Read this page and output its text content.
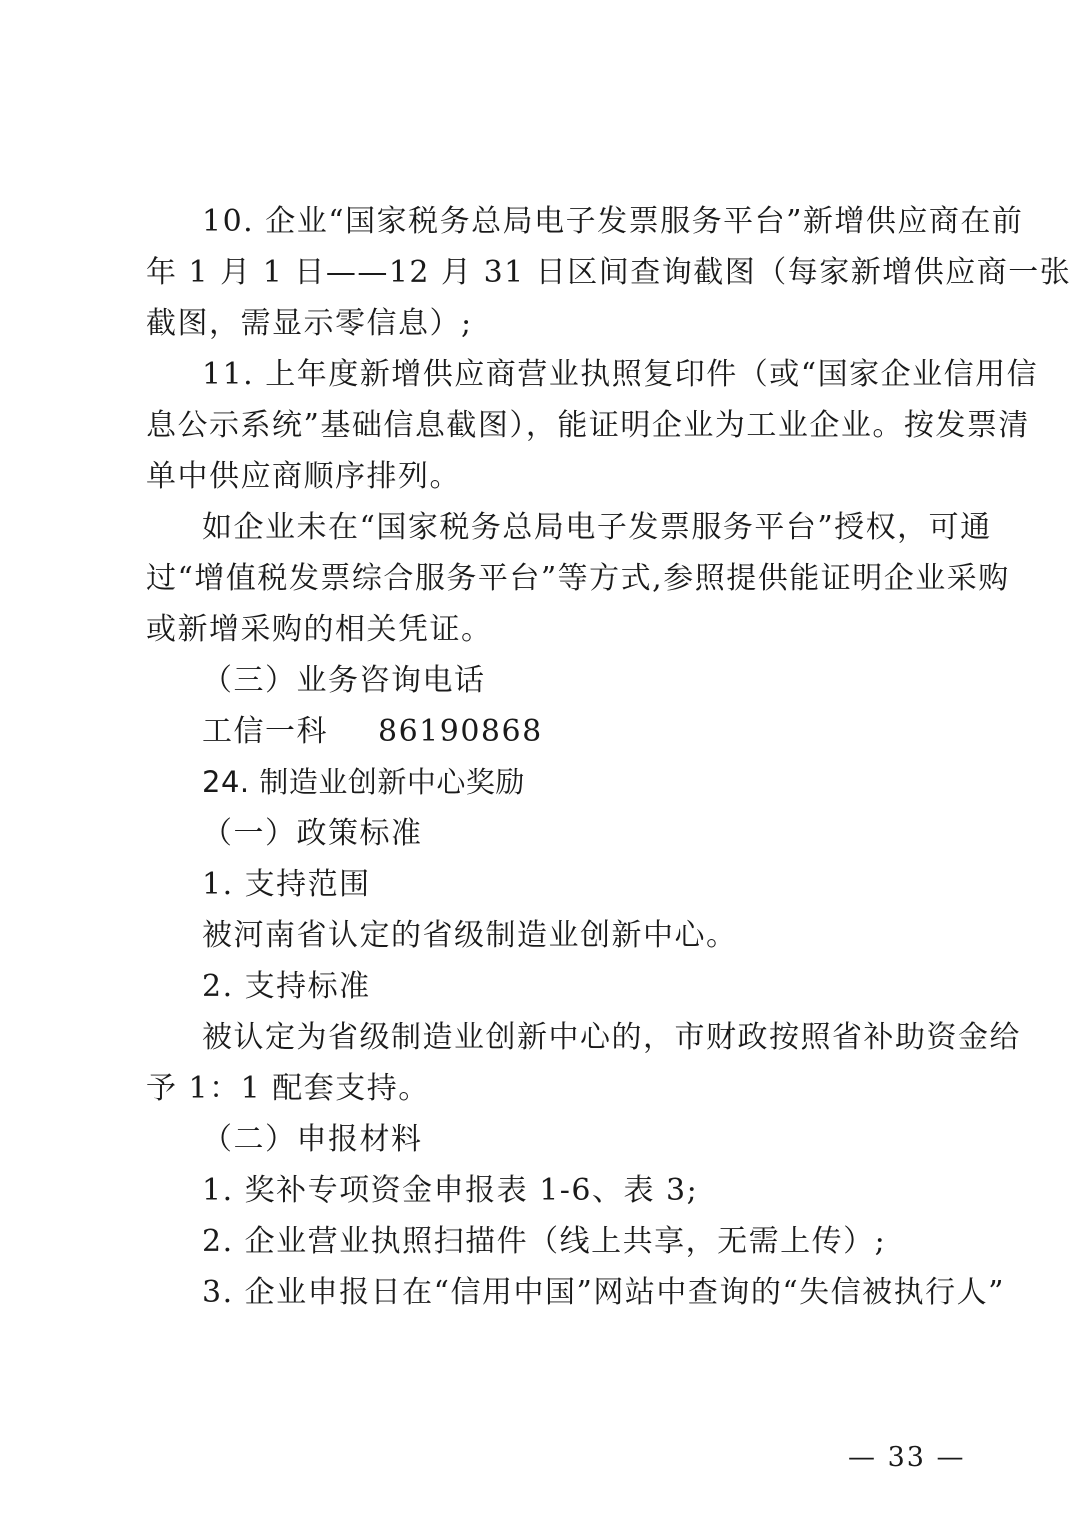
10. 企业“国家税务总局电子发票服务平台”新增供应商在前

年 1 月 1 日——12 月 31 日区间查询截图（每家新增供应商一张

截图，需显示零信息）;

11. 上年度新增供应商营业执照复印件（或“国家企业信用信

息公示系统”基础信息截图），能证明企业为工业企业。按发票清

单中供应商顺序排列。

如企业未在“国家税务总局电子发票服务平台”授权，可通

过“增值税发票综合服务平台”等方式,参照提供能证明企业采购

或新增采购的相关凭证。

（三）业务咨询电话

工信一科 86190868

24. 制造业创新中心奖励

（一）政策标准

1. 支持范围

被河南省认定的省级制造业创新中心。

2. 支持标准

被认定为省级制造业创新中心的，市财政按照省补助资金给

予 1：1 配套支持。

（二）申报材料

1. 奖补专项资金申报表 1-6、表 3;

2. 企业营业执照扫描件（线上共享，无需上传）;

3. 企业申报日在“信用中国”网站中查询的“失信被执行人”

— 33 —
